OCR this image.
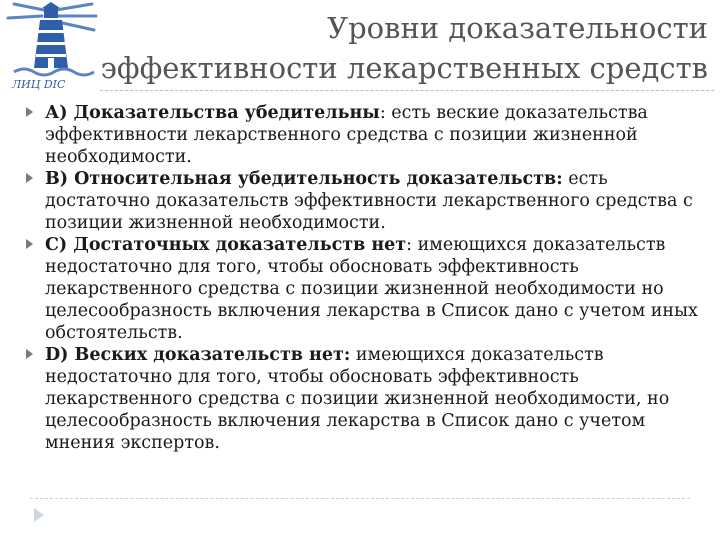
ЛИЦ DIC
Уровни доказательности
эффективности лекарственных средств
А) Доказательства убедительны: есть веские доказательства эффективности лекарственного средства с позиции жизненной необходимости.
В) Относительная убедительность доказательств: есть достаточно доказательств эффективности лекарственного средства с позиции жизненной необходимости.
С) Достаточных доказательств нет: имеющихся доказательств недостаточно для того, чтобы обосновать эффективность лекарственного средства с позиции жизненной необходимости но целесообразность включения лекарства в Список дано с учетом иных обстоятельств.
D) Веских доказательств нет: имеющихся доказательств недостаточно для того, чтобы обосновать эффективность лекарственного средства с позиции жизненной необходимости, но целесообразность включения лекарства в Список дано с учетом мнения экспертов.
